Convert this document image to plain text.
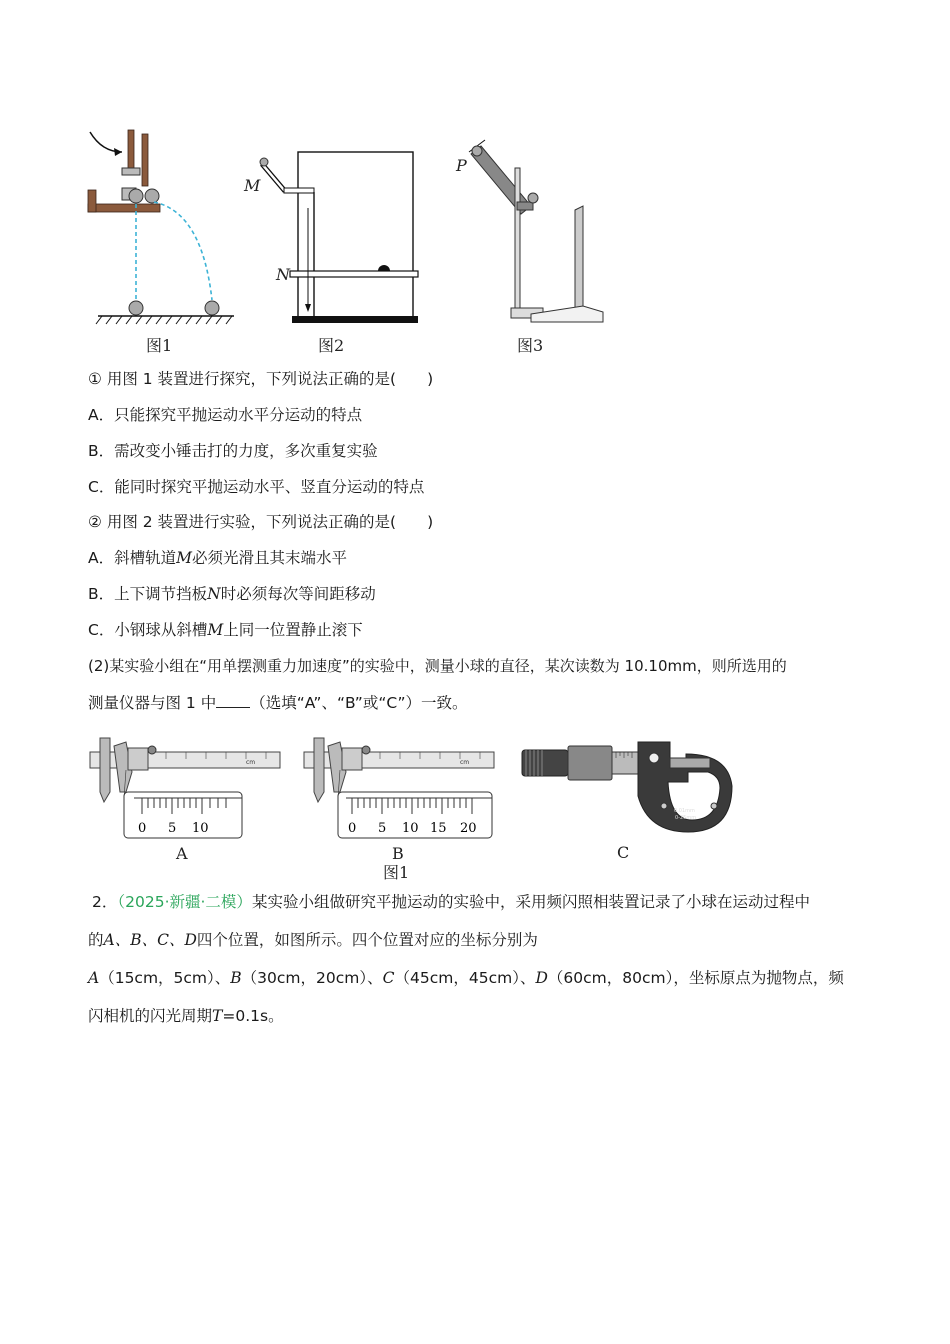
图1
M
N
图2
P
图3
① 用图 1 装置进行探究，下列说法正确的是(　　)
A．只能探究平抛运动水平分运动的特点
B．需改变小锤击打的力度，多次重复实验
C．能同时探究平抛运动水平、竖直分运动的特点
② 用图 2 装置进行实验，下列说法正确的是(　　)
A．斜槽轨道M必须光滑且其末端水平
B．上下调节挡板N时必须每次等间距移动
C．小钢球从斜槽M上同一位置静止滚下
(2)某实验小组在“用单摆测重力加速度”的实验中，测量小球的直径，某次读数为 10.10mm，则所选用的
测量仪器与图 1 中 （选填“A”、“B”或“C”）一致。
cm
0 5 10
A
cm
0 5 10 15 20
B
图1
0.01mm
0-25mm
C
2．（2025·新疆·二模）某实验小组做研究平抛运动的实验中，采用频闪照相装置记录了小球在运动过程中
的A、B、C、D四个位置，如图所示。四个位置对应的坐标分别为
A（15cm，5cm）、B（30cm，20cm）、C（45cm，45cm）、D（60cm，80cm），坐标原点为抛物点，频
闪相机的闪光周期T=0.1s。
